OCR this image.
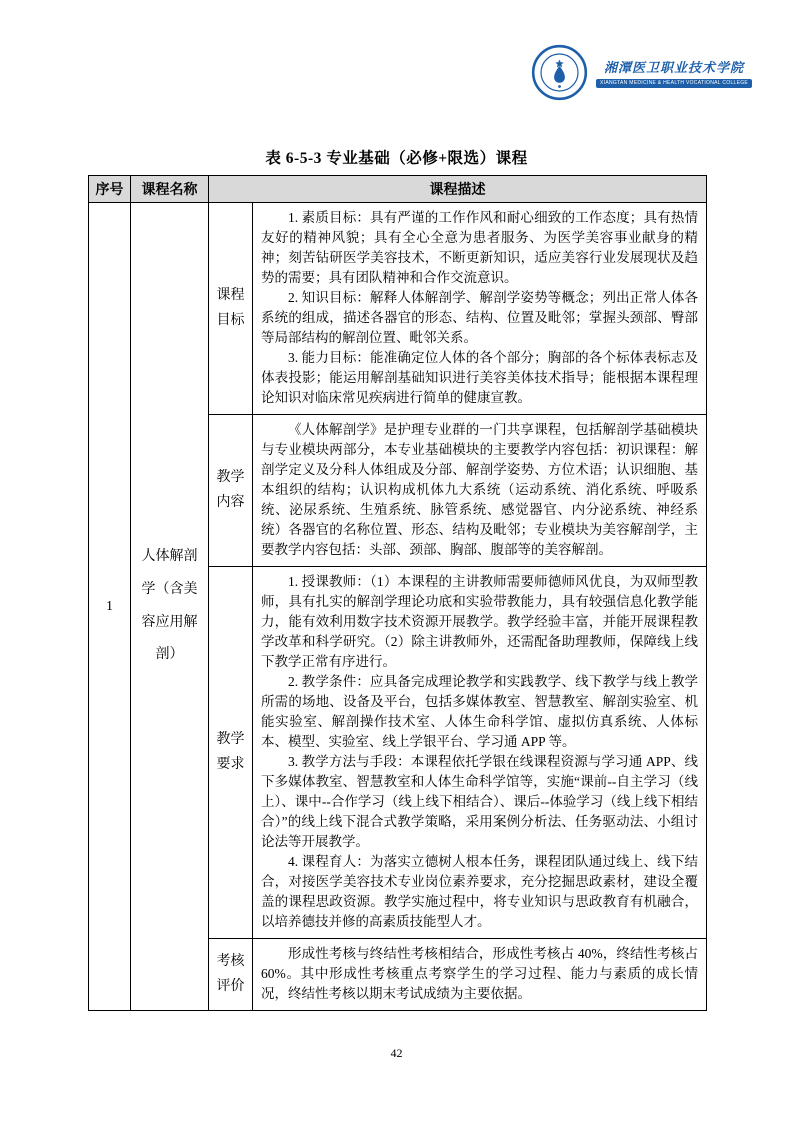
湘潭医卫职业技术学院
XIANGTAN MEDICINE & HEALTH VOCATIONAL COLLEGE
表 6-5-3 专业基础（必修+限选）课程
序号	课程名称	课程描述	
1	人体解剖学（含美容应用解剖）	课程目标	1. 素质目标：具有严谨的工作作风和耐心细致的工作态度；具有热情友好的精神风貌；具有全心全意为患者服务、为医学美容事业献身的精神；刻苦钻研医学美容技术，不断更新知识，适应美容行业发展现状及趋势的需要；具有团队精神和合作交流意识。

2. 知识目标：解释人体解剖学、解剖学姿势等概念；列出正常人体各系统的组成，描述各器官的形态、结构、位置及毗邻；掌握头颈部、臀部等局部结构的解剖位置、毗邻关系。

3. 能力目标：能准确定位人体的各个部分；胸部的各个标体表标志及体表投影；能运用解剖基础知识进行美容美体技术指导；能根据本课程理论知识对临床常见疾病进行简单的健康宣教。

		教学内容	《人体解剖学》是护理专业群的一门共享课程，包括解剖学基础模块与专业模块两部分，本专业基础模块的主要教学内容包括：初识课程：解剖学定义及分科人体组成及分部、解剖学姿势、方位术语；认识细胞、基本组织的结构；认识构成机体九大系统（运动系统、消化系统、呼吸系统、泌尿系统、生殖系统、脉管系统、感觉器官、内分泌系统、神经系统）各器官的名称位置、形态、结构及毗邻；专业模块为美容解剖学，主要教学内容包括：头部、颈部、胸部、腹部等的美容解剖。

		教学要求	1. 授课教师：（1）本课程的主讲教师需要师德师风优良，为双师型教师，具有扎实的解剖学理论功底和实验带教能力，具有较强信息化教学能力，能有效利用数字技术资源开展教学。教学经验丰富，并能开展课程教学改革和科学研究。（2）除主讲教师外，还需配备助理教师，保障线上线下教学正常有序进行。

2. 教学条件：应具备完成理论教学和实践教学、线下教学与线上教学所需的场地、设备及平台，包括多媒体教室、智慧教室、解剖实验室、机能实验室、解剖操作技术室、人体生命科学馆、虚拟仿真系统、人体标本、模型、实验室、线上学银平台、学习通 APP 等。

3. 教学方法与手段：本课程依托学银在线课程资源与学习通 APP、线下多媒体教室、智慧教室和人体生命科学馆等，实施“课前--自主学习（线上）、课中--合作学习（线上线下相结合）、课后--体验学习（线上线下相结合）”的线上线下混合式教学策略，采用案例分析法、任务驱动法、小组讨论法等开展教学。

4. 课程育人：为落实立德树人根本任务，课程团队通过线上、线下结合，对接医学美容技术专业岗位素养要求，充分挖掘思政素材，建设全覆盖的课程思政资源。教学实施过程中，将专业知识与思政教育有机融合，以培养德技并修的高素质技能型人才。

		考核评价	形成性考核与终结性考核相结合，形成性考核占 40%，终结性考核占 60%。其中形成性考核重点考察学生的学习过程、能力与素质的成长情况，终结性考核以期末考试成绩为主要依据。

42
